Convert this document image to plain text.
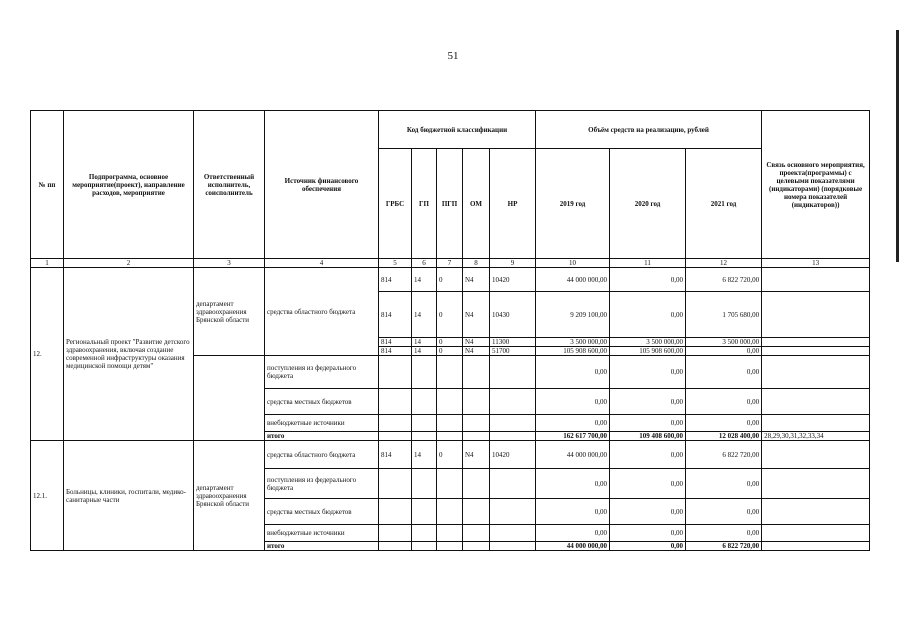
51
№ пп	Подпрограмма, основное мероприятие(проект), направление расходов, мероприятие	Ответственный исполнитель, соисполнитель	Источник финансового обеспечения	Код бюджетной классификации					Объём средств на реализацию, рублей			Связь основного мероприятия, проекта(программы) с целевыми показателями (индикаторами) (порядковые номера показателей (индикаторов))
				ГРБС	ГП	ПГП	ОМ	НР	2019 год	2020 год	2021 год	
1	2	3	4	5	6	7	8	9	10	11	12	13
12.	Региональный проект "Развитие детского здравоохранения, включая создание современной инфраструктуры оказания медицинской помощи детям"	департамент здравоохранения Брянской области	средства областного бюджета	814	14	0	N4	10420	44 000 000,00	0,00	6 822 720,00	
				814	14	0	N4	10430	9 209 100,00	0,00	1 705 680,00	
				814	14	0	N4	11300	3 500 000,00	3 500 000,00	3 500 000,00	
				814	14	0	N4	51700	105 908 600,00	105 908 600,00	0,00	
			поступления из федерального бюджета						0,00	0,00	0,00	
			средства местных бюджетов						0,00	0,00	0,00	
			внебюджетные источники						0,00	0,00	0,00	
			итого						162 617 700,00	109 408 600,00	12 028 400,00	28,29,30,31,32,33,34
12.1.	Больницы, клиники, госпитали, медико-санитарные части	департамент здравоохранения Брянской области	средства областного бюджета	814	14	0	N4	10420	44 000 000,00	0,00	6 822 720,00	
			поступления из федерального бюджета						0,00	0,00	0,00	
			средства местных бюджетов						0,00	0,00	0,00	
			внебюджетные источники						0,00	0,00	0,00	
			итого						44 000 000,00	0,00	6 822 720,00	
